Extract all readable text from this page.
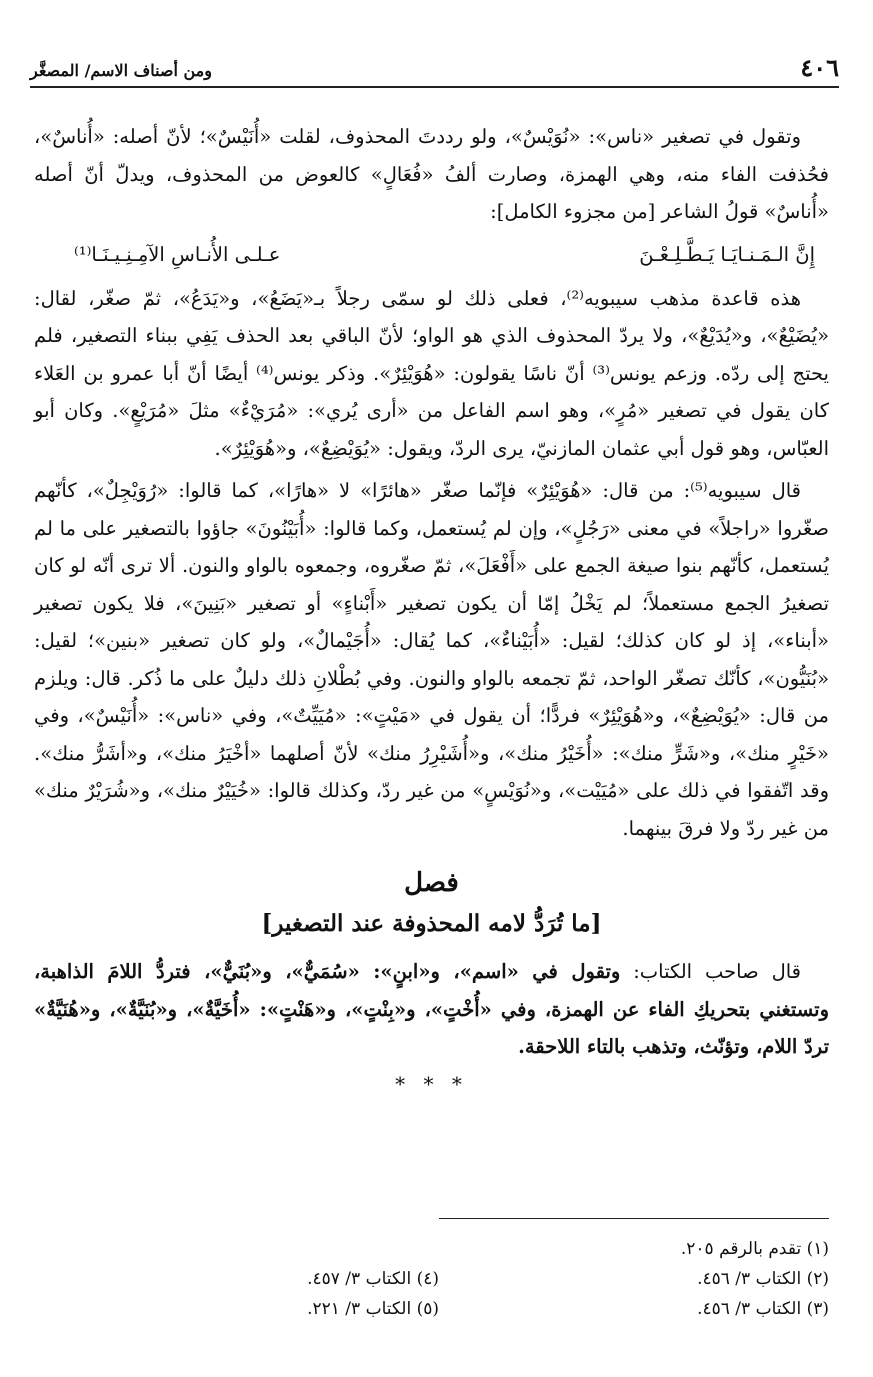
٤٠٦
ومن أصناف الاسم/ المصغَّر

وتقول في تصغير «ناس»: «نُوَيْسٌ»، ولو رددتَ المحذوف، لقلت «أُنَيْسٌ»؛ لأنّ أصله: «أُناسٌ»، فحُذفت الفاء منه، وهي الهمزة، وصارت ألفُ «فُعَالٍ» كالعوض من المحذوف، ويدلّ أنّ أصله «أُناسٌ» قولُ الشاعر [من مجزوء الكامل]:

إِنَّ الـمَـنـايَـا يَـطَّـلِـعْـنَ
عـلـى الأُنـاسِ الآمِـنِـيـنَـا⁽¹⁾

هذه قاعدة مذهب سيبويه⁽²⁾، فعلى ذلك لو سمّى رجلاً بـ«يَضَعُ»، و«يَدَعُ»، ثمّ صغّر، لقال: «يُضَيْعٌ»، و«يُدَيْعٌ»، ولا يردّ المحذوف الذي هو الواو؛ لأنّ الباقي بعد الحذف يَفِي ببناء التصغير، فلم يحتج إلى ردّه. وزعم يونس⁽³⁾ أنّ ناسًا يقولون: «هُوَيْئِرٌ». وذكر يونس⁽⁴⁾ أيضًا أنّ أبا عمرو بن العَلاء كان يقول في تصغير «مُرٍ»، وهو اسم الفاعل من «أرى يُري»: «مُرَيْءٌ» مثلَ «مُرَيْعٍ». وكان أبو العبّاس، وهو قول أبي عثمان المازنيّ، يرى الردّ، ويقول: «يُوَيْضِعٌ»، و«هُوَيْئِرٌ».

قال سيبويه⁽⁵⁾: من قال: «هُوَيْئِرٌ» فإنّما صغّر «هائرًا» لا «هارًا»، كما قالوا: «رُوَيْجِلٌ»، كأنّهم صغّروا «راجلاً» في معنى «رَجُلٍ»، وإن لم يُستعمل، وكما قالوا: «أُبَيْنُونَ» جاؤوا بالتصغير على ما لم يُستعمل، كأنّهم بنوا صيغة الجمع على «أَفْعَلَ»، ثمّ صغّروه، وجمعوه بالواو والنون. ألا ترى أنّه لو كان تصغيرُ الجمع مستعملاً؛ لم يَخْلُ إمّا أن يكون تصغير «أَبْناءٍ» أو تصغير «بَنِينَ»، فلا يكون تصغير «أبناء»، إذ لو كان كذلك؛ لقيل: «أُبَيْناءٌ»، كما يُقال: «أُجَيْمالٌ»، ولو كان تصغير «بنين»؛ لقيل: «بُنَيُّون»، كأنّك تصغّر الواحد، ثمّ تجمعه بالواو والنون. وفي بُطْلانِ ذلك دليلٌ على ما ذُكر. قال: ويلزم من قال: «يُوَيْضِعٌ»، و«هُوَيْئِرٌ» فردًّا؛ أن يقول في «مَيْتٍ»: «مُيَيِّتٌ»، وفي «ناس»: «أُنَيْسٌ»، وفي «خَيْرٍ منك»، و«شَرٍّ منك»: «أُخَيْرُ منك»، و«أُشَيْرِرُ منك» لأنّ أصلهما «أخْيَرُ منك»، و«أشَرُّ منك». وقد اتّفقوا في ذلك على «مُيَيْت»، و«نُوَيْسٍ» من غير ردّ، وكذلك قالوا: «خُيَيْرٌ منك»، و«شُرَيْرٌ منك» من غير ردّ ولا فرقَ بينهما.

فصل
[ما تُرَدُّ لامه المحذوفة عند التصغير]

قال صاحب الكتاب: وتقول في «اسم»، و«ابنٍ»: «سُمَيٌّ»، و«بُنَيٌّ»، فتردُّ اللامَ الذاهبة، وتستغني بتحريكِ الفاء عن الهمزة، وفي «أُخْتٍ»، و«بِنْتٍ»، و«هَنْتٍ»: «أُخَيَّةٌ»، و«بُنَيَّةٌ»، و«هُنَيَّةٌ» تردّ اللام، وتؤنّث، وتذهب بالتاء اللاحقة.

* * *
(١) تقدم بالرقم ٢٠٥.
(٢) الكتاب ٣/ ٤٥٦.
(٤) الكتاب ٣/ ٤٥٧.
(٣) الكتاب ٣/ ٤٥٦.
(٥) الكتاب ٣/ ٢٢١.
